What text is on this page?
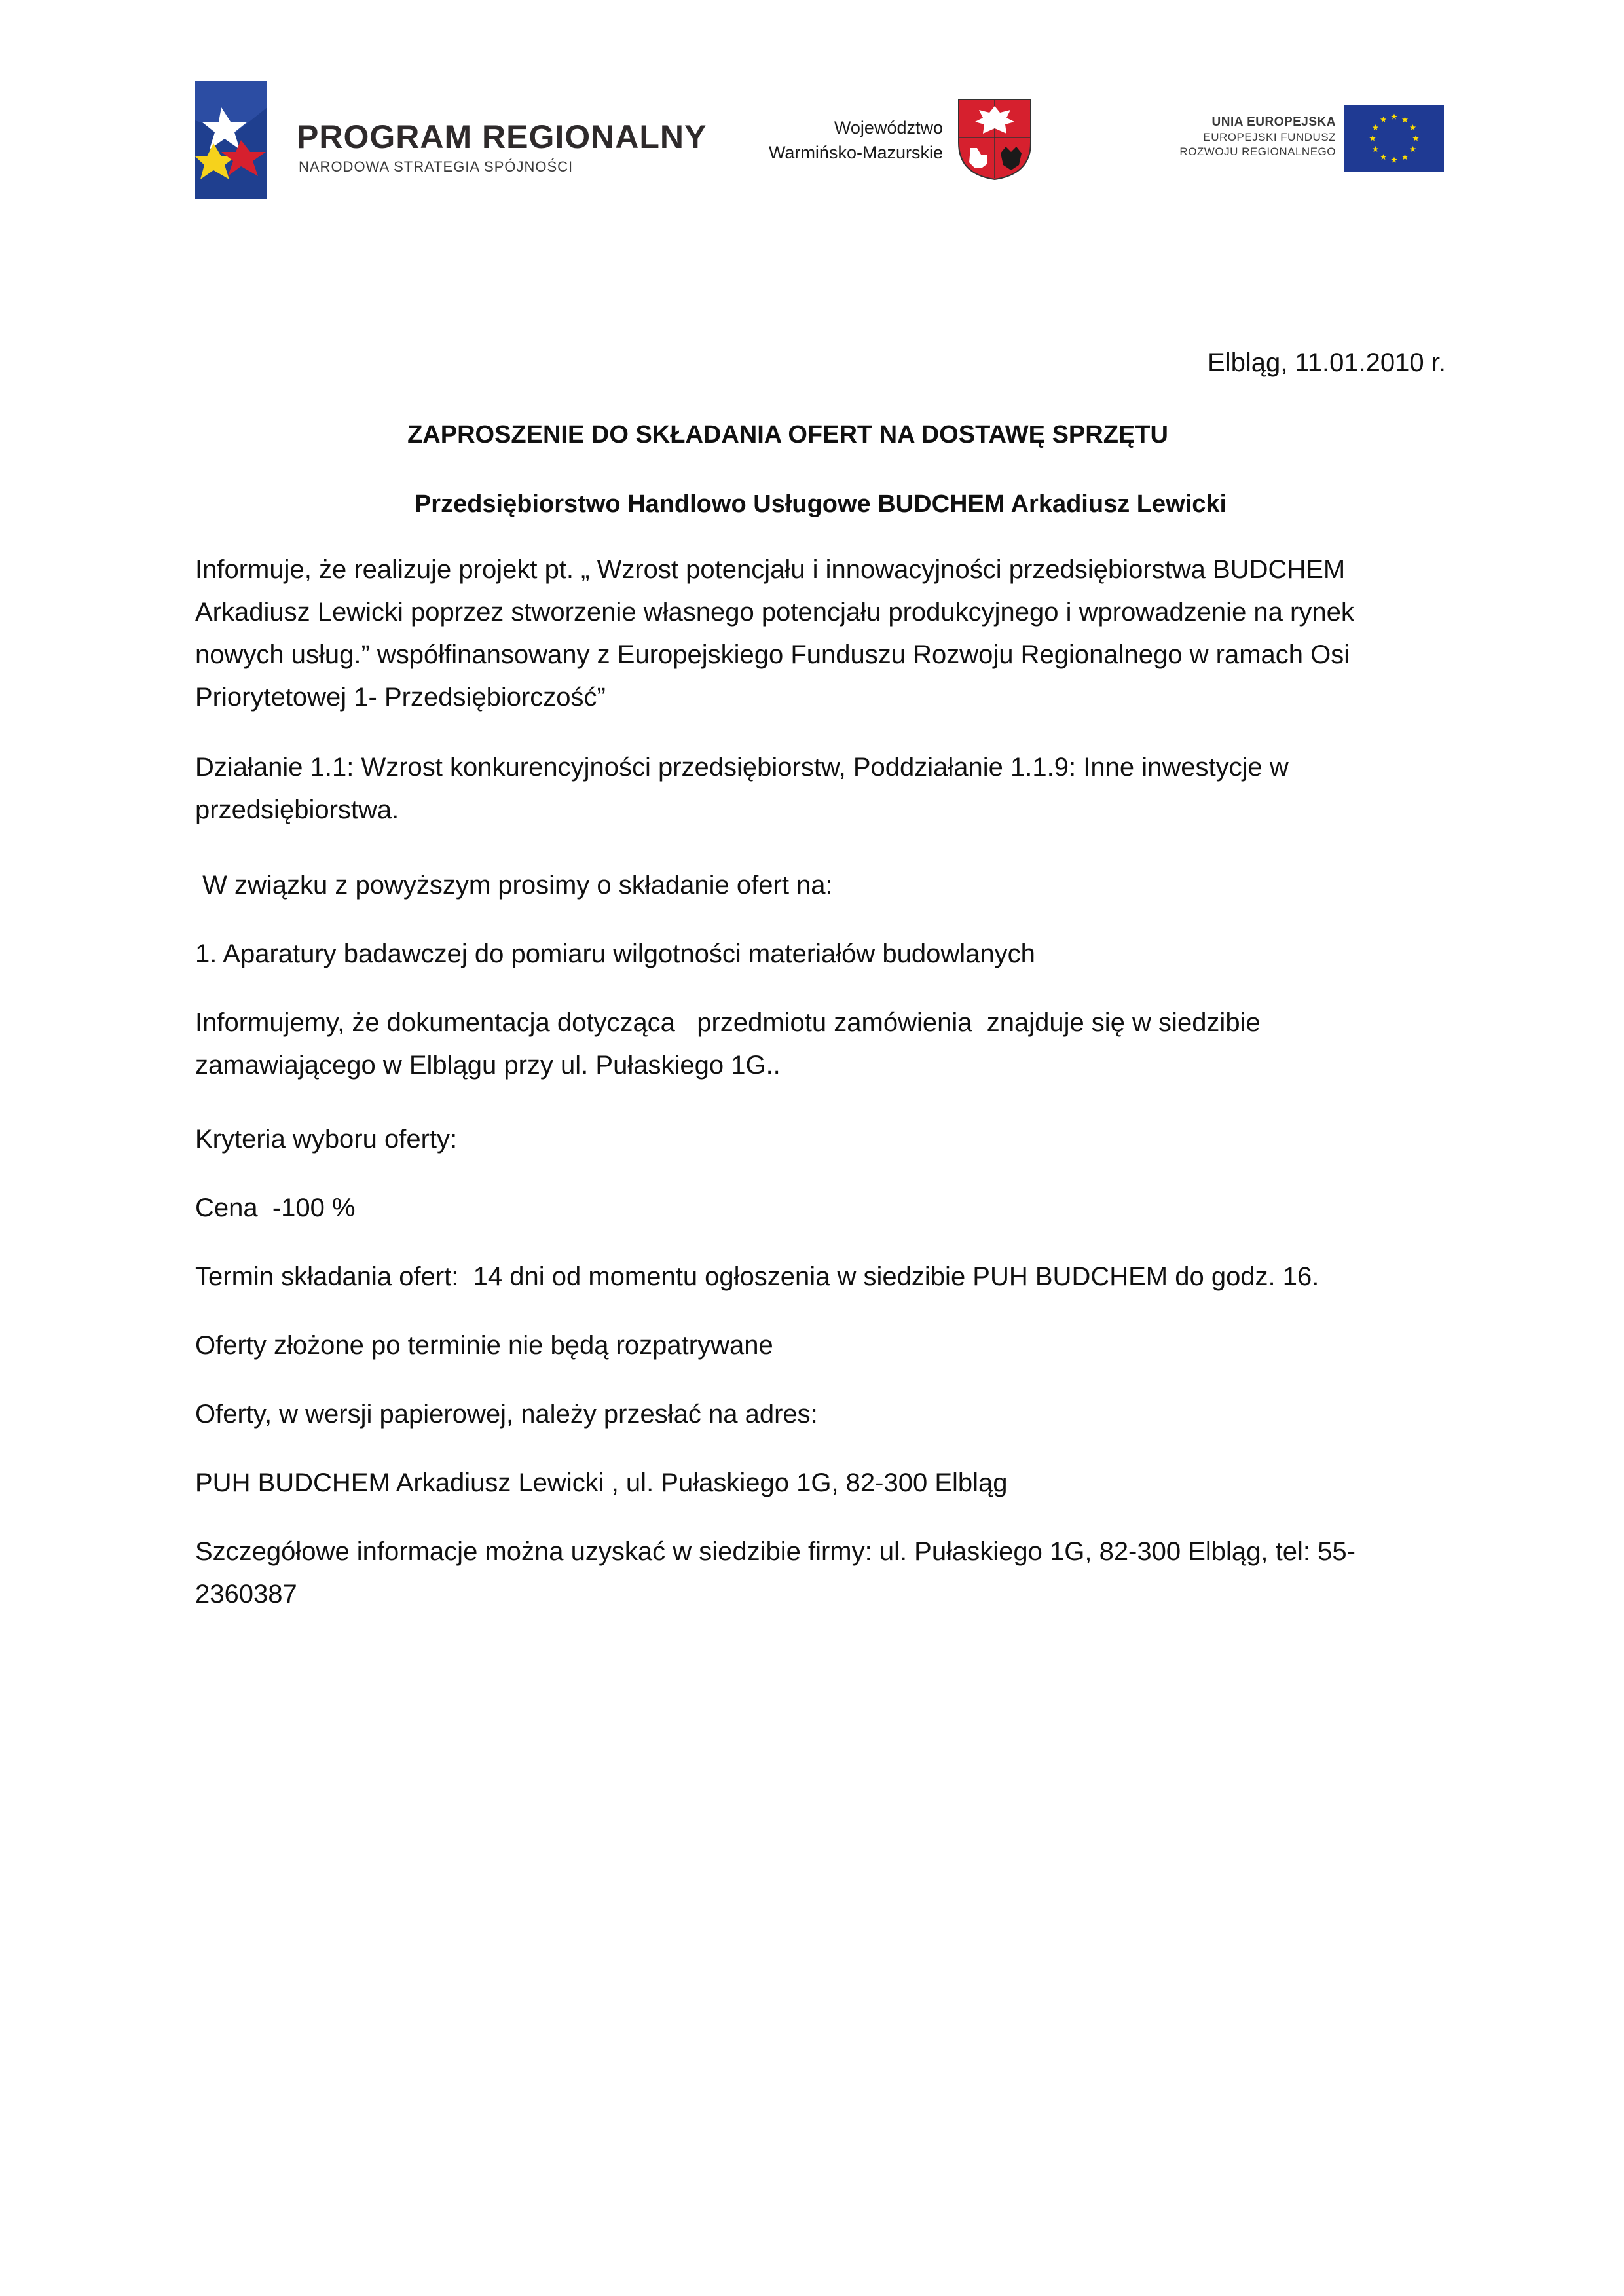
PROGRAM REGIONALNY
NARODOWA STRATEGIA SPÓJNOŚCI
Województwo
Warmińsko-Mazurskie
UNIA EUROPEJSKA
EUROPEJSKI FUNDUSZ
ROZWOJU REGIONALNEGO
Elbląg, 11.01.2010 r.
ZAPROSZENIE DO SKŁADANIA OFERT NA DOSTAWĘ SPRZĘTU
Przedsiębiorstwo Handlowo Usługowe BUDCHEM Arkadiusz Lewicki
Informuje, że realizuje projekt pt. „ Wzrost potencjału i innowacyjności przedsiębiorstwa BUDCHEM
Arkadiusz Lewicki poprzez stworzenie własnego potencjału produkcyjnego i wprowadzenie na rynek
nowych usług.” współfinansowany z Europejskiego Funduszu Rozwoju Regionalnego w ramach Osi
Priorytetowej 1- Przedsiębiorczość”
Działanie 1.1: Wzrost konkurencyjności przedsiębiorstw, Poddziałanie 1.1.9: Inne inwestycje w
przedsiębiorstwa.
W związku z powyższym prosimy o składanie ofert na:
1. Aparatury badawczej do pomiaru wilgotności materiałów budowlanych
Informujemy, że dokumentacja dotycząca   przedmiotu zamówienia  znajduje się w siedzibie
zamawiającego w Elblągu przy ul. Pułaskiego 1G..
Kryteria wyboru oferty:
Cena  -100 %
Termin składania ofert:  14 dni od momentu ogłoszenia w siedzibie PUH BUDCHEM do godz. 16.
Oferty złożone po terminie nie będą rozpatrywane
Oferty, w wersji papierowej, należy przesłać na adres:
PUH BUDCHEM Arkadiusz Lewicki , ul. Pułaskiego 1G, 82-300 Elbląg
Szczegółowe informacje można uzyskać w siedzibie firmy: ul. Pułaskiego 1G, 82-300 Elbląg, tel: 55-
2360387
